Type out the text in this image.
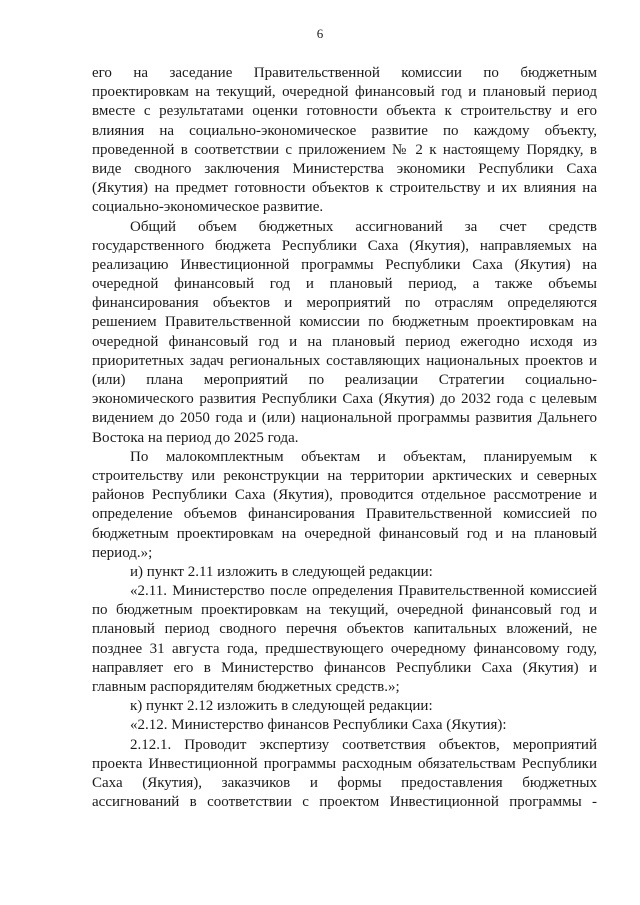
6
его на заседание Правительственной комиссии по бюджетным
проектировкам на текущий, очередной финансовый год и плановый период
вместе с результатами оценки готовности объекта к строительству и его
влияния на социально-экономическое развитие по каждому объекту,
проведенной в соответствии с приложением № 2 к настоящему Порядку, в
виде сводного заключения Министерства экономики Республики Саха
(Якутия) на предмет готовности объектов к строительству и их влияния на
социально-экономическое развитие.
Общий объем бюджетных ассигнований за счет средств
государственного бюджета Республики Саха (Якутия), направляемых на
реализацию Инвестиционной программы Республики Саха (Якутия) на
очередной финансовый год и плановый период, а также объемы
финансирования объектов и мероприятий по отраслям определяются
решением Правительственной комиссии по бюджетным проектировкам на
очередной финансовый год и на плановый период ежегодно исходя из
приоритетных задач региональных составляющих национальных проектов и
(или) плана мероприятий по реализации Стратегии социально-
экономического развития Республики Саха (Якутия) до 2032 года с целевым
видением до 2050 года и (или) национальной программы развития Дальнего
Востока на период до 2025 года.
По малокомплектным объектам и объектам, планируемым к
строительству или реконструкции на территории арктических и северных
районов Республики Саха (Якутия), проводится отдельное рассмотрение и
определение объемов финансирования Правительственной комиссией по
бюджетным проектировкам на очередной финансовый год и на плановый
период.»;
и) пункт 2.11 изложить в следующей редакции:
«2.11. Министерство после определения Правительственной комиссией
по бюджетным проектировкам на текущий, очередной финансовый год и
плановый период сводного перечня объектов капитальных вложений, не
позднее 31 августа года, предшествующего очередному финансовому году,
направляет его в Министерство финансов Республики Саха (Якутия) и
главным распорядителям бюджетных средств.»;
к) пункт 2.12 изложить в следующей редакции:
«2.12. Министерство финансов Республики Саха (Якутия):
2.12.1. Проводит экспертизу соответствия объектов, мероприятий
проекта Инвестиционной программы расходным обязательствам Республики
Саха (Якутия), заказчиков и формы предоставления бюджетных
ассигнований в соответствии с проектом Инвестиционной программы -
